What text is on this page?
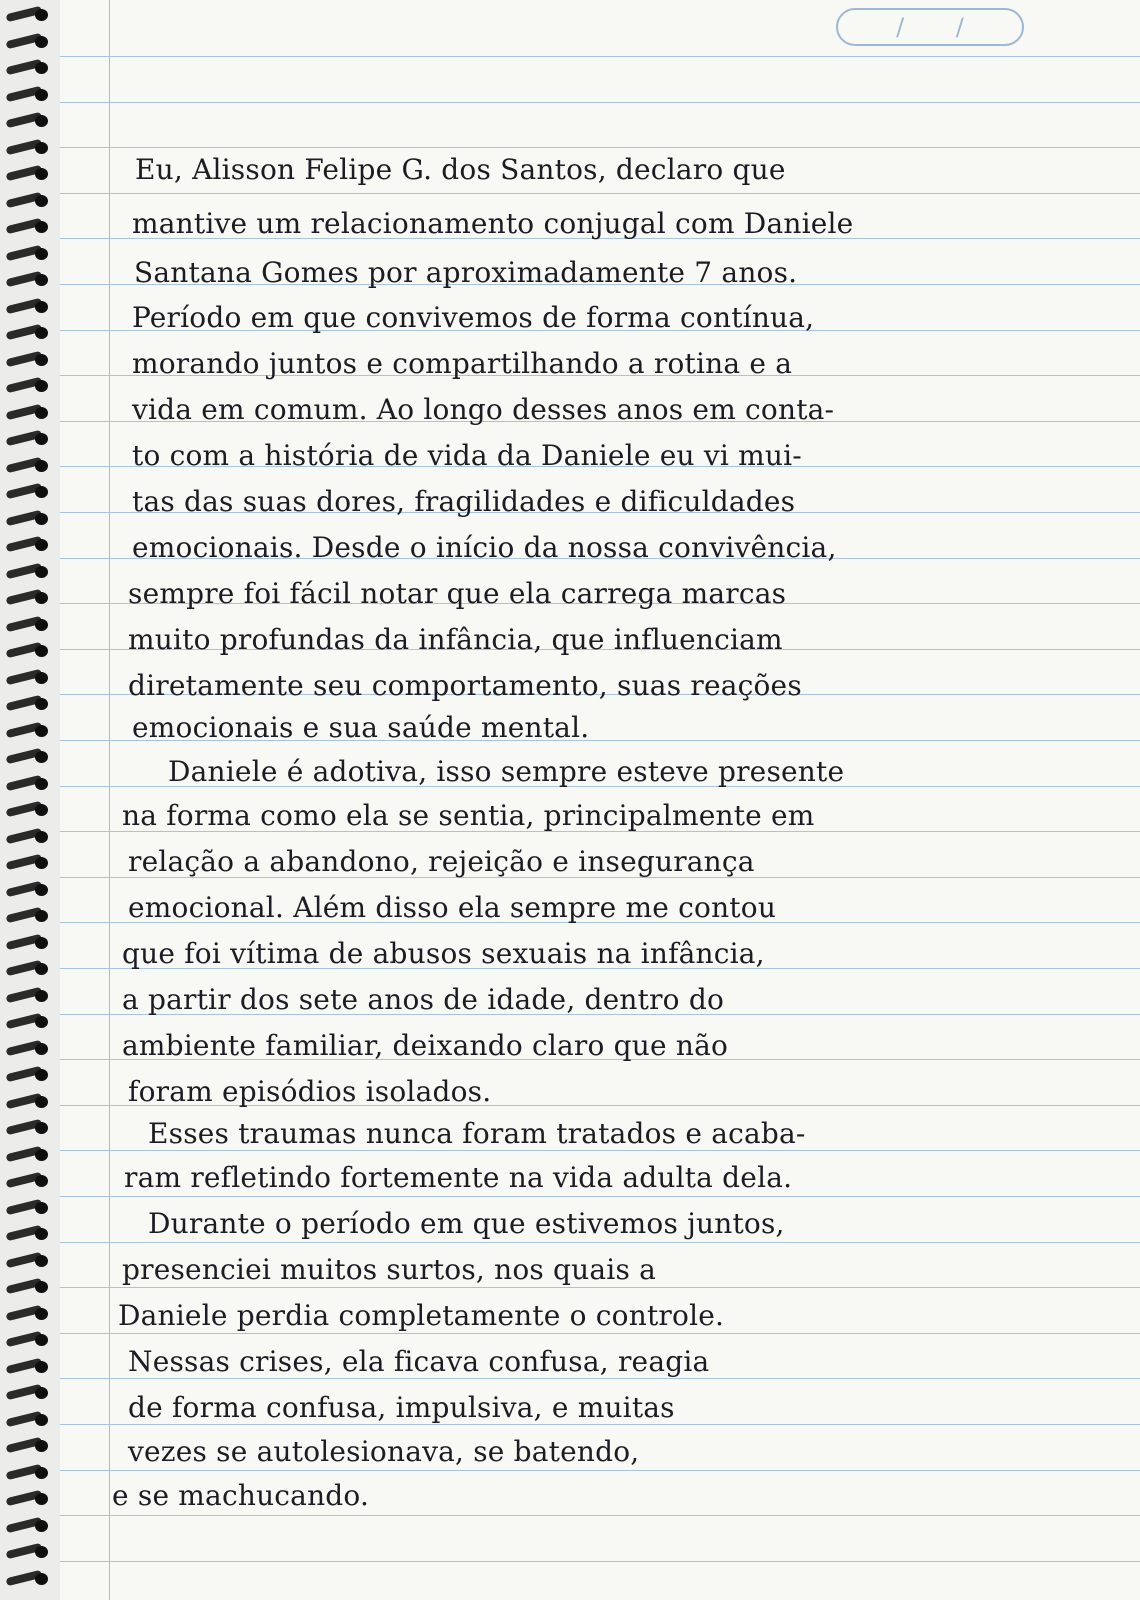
/ /
Eu, Alisson Felipe G. dos Santos, declaro que
mantive um relacionamento conjugal com Daniele
Santana Gomes por aproximadamente 7 anos.
Período em que convivemos de forma contínua,
morando juntos e compartilhando a rotina e a
vida em comum. Ao longo desses anos em conta-
to com a história de vida da Daniele eu vi mui-
tas das suas dores, fragilidades e dificuldades
emocionais. Desde o início da nossa convivência,
sempre foi fácil notar que ela carrega marcas
muito profundas da infância, que influenciam
diretamente seu comportamento, suas reações
emocionais e sua saúde mental.
Daniele é adotiva, isso sempre esteve presente
na forma como ela se sentia, principalmente em
relação a abandono, rejeição e insegurança
emocional. Além disso ela sempre me contou
que foi vítima de abusos sexuais na infância,
a partir dos sete anos de idade, dentro do
ambiente familiar, deixando claro que não
foram episódios isolados.
Esses traumas nunca foram tratados e acaba-
ram refletindo fortemente na vida adulta dela.
Durante o período em que estivemos juntos,
presenciei muitos surtos, nos quais a
Daniele perdia completamente o controle.
Nessas crises, ela ficava confusa, reagia
de forma confusa, impulsiva, e muitas
vezes se autolesionava, se batendo,
e se machucando.
